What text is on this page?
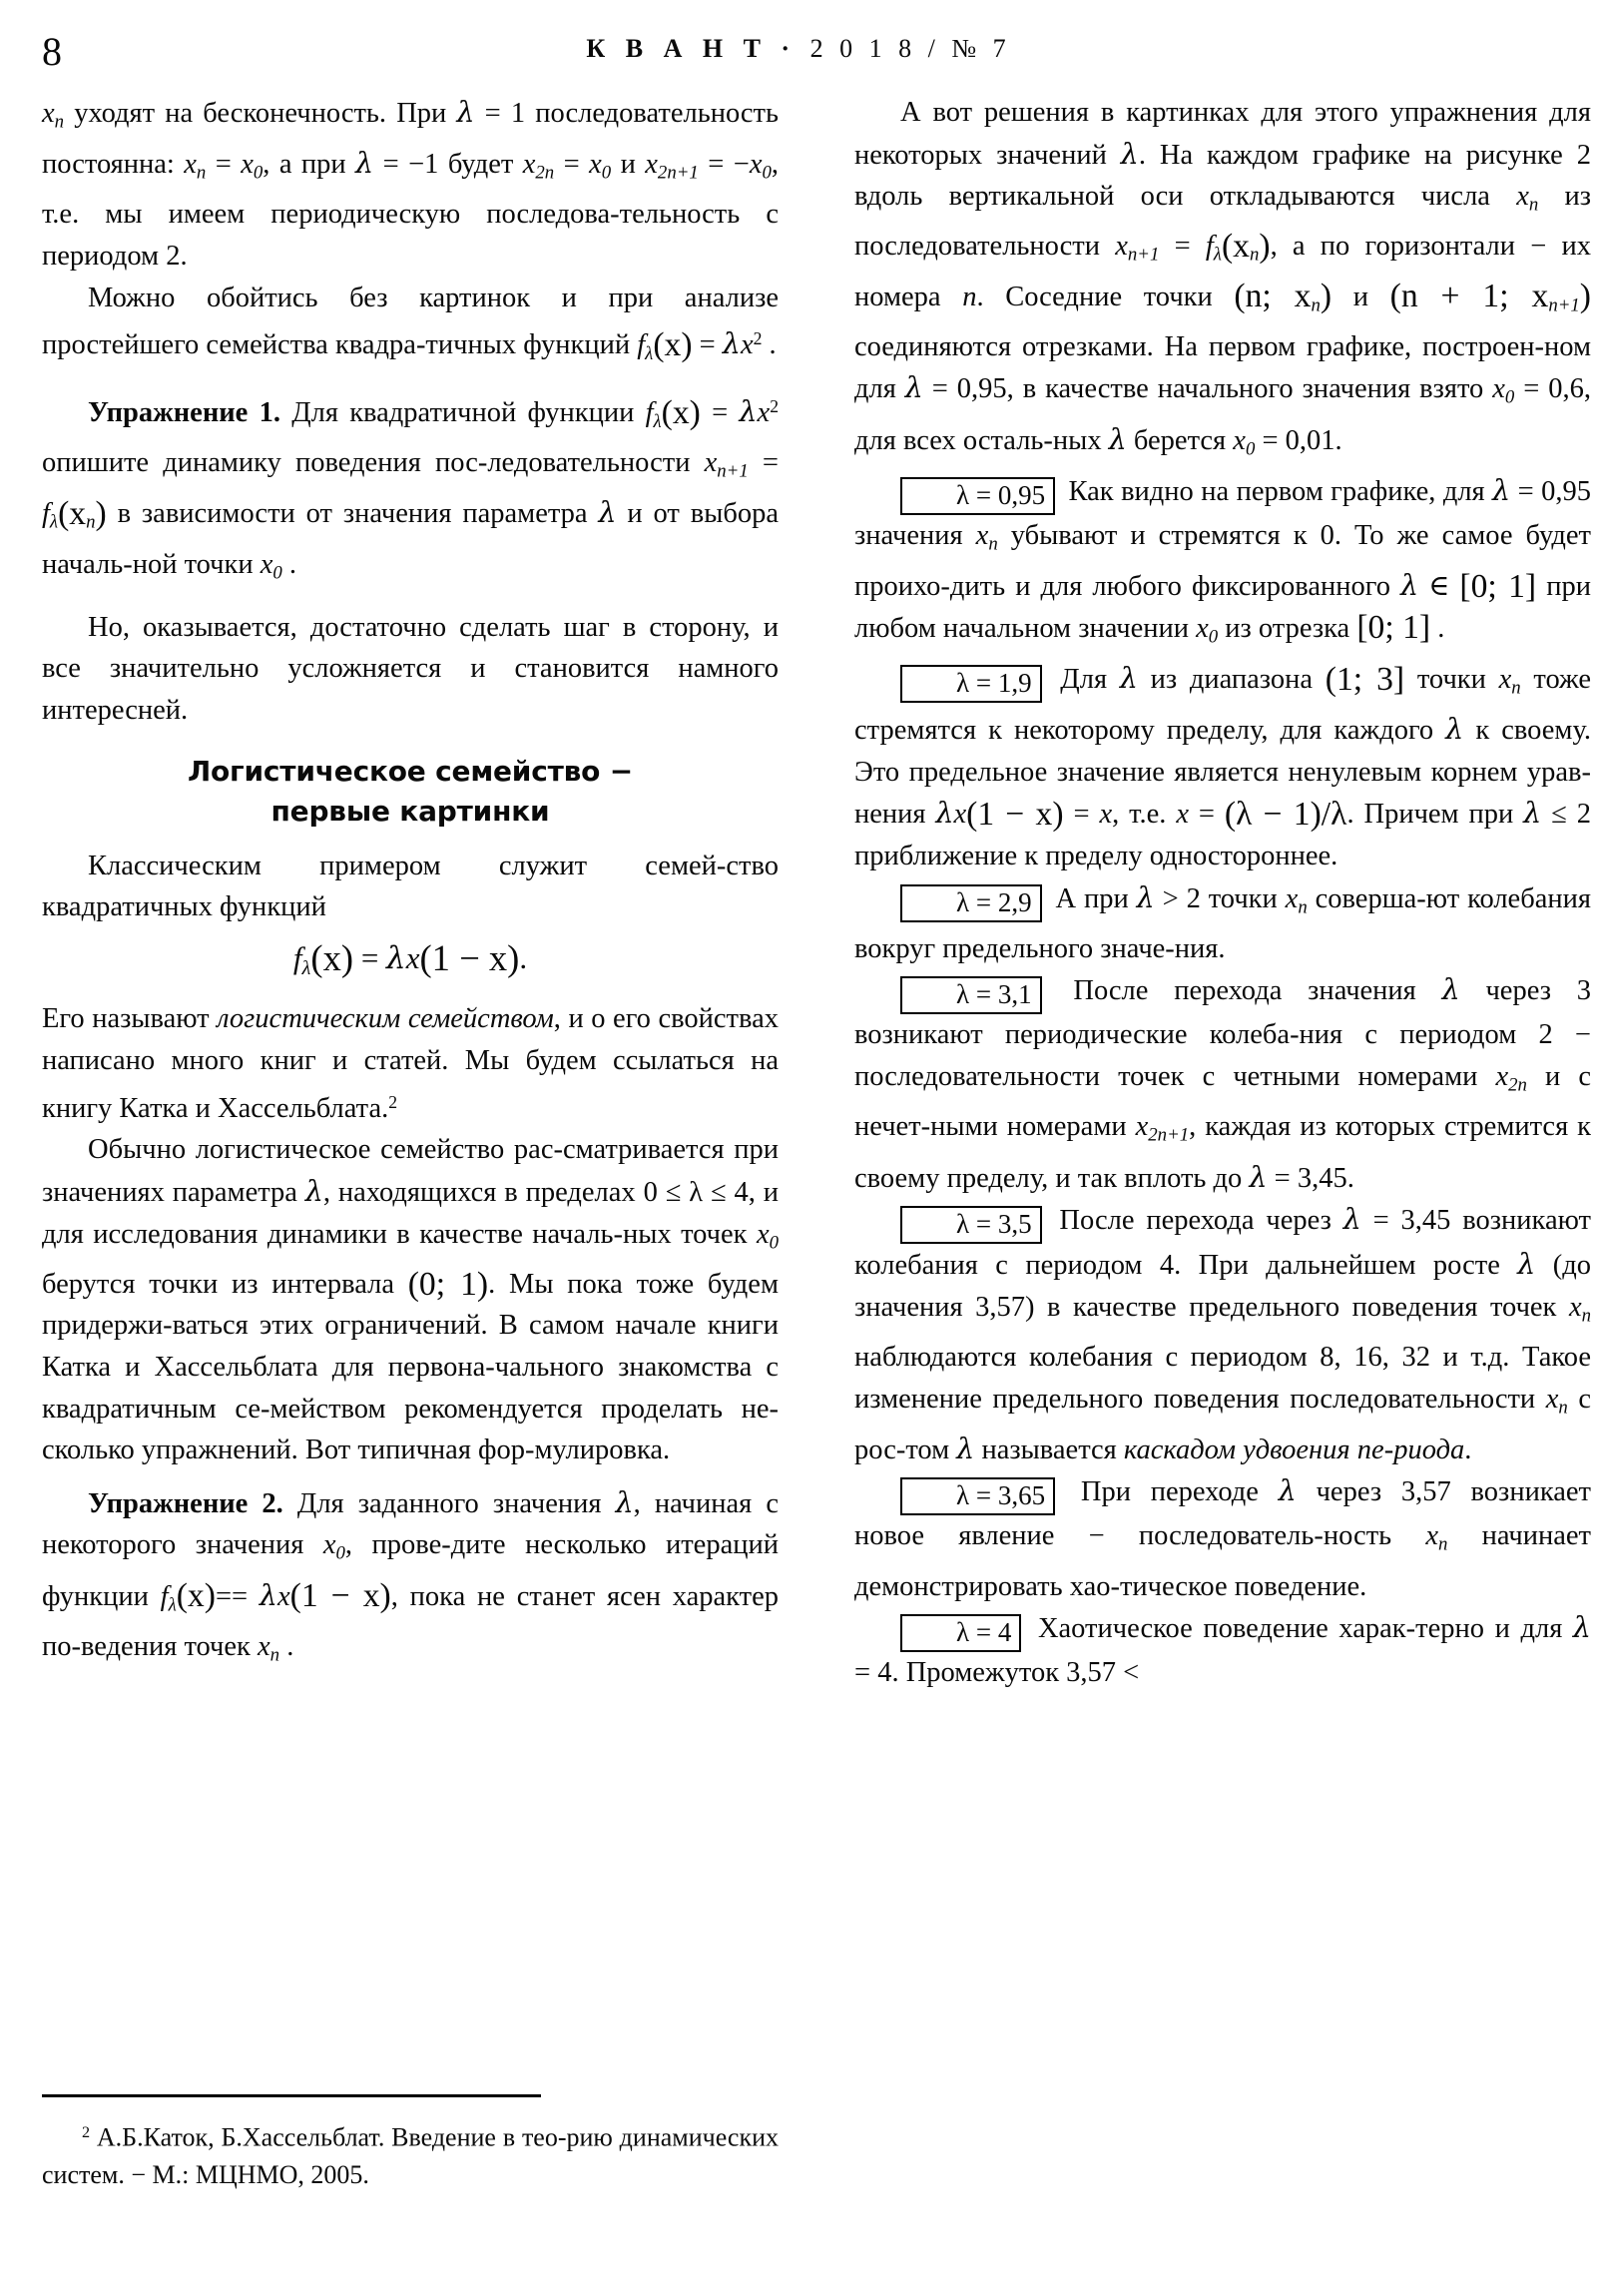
8	К В А Н Т · 2 0 1 8 / № 7

$x_n$ уходят на бесконечность. При λ = 1 последовательность постоянна: $x_n = x_0$, а при λ = −1 будет $x_{2n} = x_0$ и $x_{2n+1} = -x_0$, т.е. мы имеем периодическую последова-тельность с периодом 2.

Можно обойтись без картинок и при анализе простейшего семейства квадра-тичных функций $f_\lambda(x) = \lambda x^2$ .

Упражнение 1. Для квадратичной функции $f_\lambda(x) = \lambda x^2$ опишите динамику поведения пос-ледовательности $x_{n+1} = f_\lambda(x_n)$ в зависимости от значения параметра λ и от выбора началь-ной точки $x_0$ .

Но, оказывается, достаточно сделать шаг в сторону, и все значительно усложняется и становится намного интересней.

Логистическое семейство −
первые картинки

Классическим примером служит семей-ство квадратичных функций

$f_\lambda(x) = \lambda x(1 - x)$.

Его называют логистическим семейством, и о его свойствах написано много книг и статей. Мы будем ссылаться на книгу Катка и Хассельблата.$^2$

Обычно логистическое семейство рас-сматривается при значениях параметра λ, находящихся в пределах 0 ≤ λ ≤ 4, и для исследования динамики в качестве началь-ных точек $x_0$ берутся точки из интервала (0; 1). Мы пока тоже будем придержи-ваться этих ограничений. В самом начале книги Катка и Хассельблата для первона-чального знакомства с квадратичным се-мейством рекомендуется проделать не-сколько упражнений. Вот типичная фор-мулировка.

Упражнение 2. Для заданного значения λ, начиная с некоторого значения $x_0$, прове-дите несколько итераций функции $f_\lambda(x)== \lambda x(1 - x)$, пока не станет ясен характер по-ведения точек $x_n$ .

$^2$ А.Б.Каток, Б.Хассельблат. Введение в тео-рию динамических систем. − М.: МЦНМО, 2005.

А вот решения в картинках для этого упражнения для некоторых значений λ. На каждом графике на рисунке 2 вдоль вертикальной оси откладываются числа $x_n$ из последовательности $x_{n+1} = f_\lambda(x_n)$, а по горизонтали − их номера n. Соседние точки (n; $x_n$) и (n + 1; $x_{n+1}$) соединяются отрезками. На первом графике, построен-ном для λ = 0,95, в качестве начального значения взято $x_0 = 0,6$, для всех осталь-ных λ берется $x_0 = 0,01$.

λ = 0,95 Как видно на первом графике, для λ = 0,95 значения $x_n$ убывают и стремятся к 0. То же самое будет проихо-дить и для любого фиксированного λ ∈ [0; 1] при любом начальном значении $x_0$ из отрезка [0; 1] .

λ = 1,9 Для λ из диапазона (1; 3] точки $x_n$ тоже стремятся к некоторому пределу, для каждого λ к своему. Это предельное значение является ненулевым корнем урав-нения λx(1 − x) = x, т.е. x = (λ − 1)/λ. Причем при λ ≤ 2 приближение к пределу одностороннее.

λ = 2,9 А при λ > 2 точки $x_n$ соверша-ют колебания вокруг предельного значе-ния.

λ = 3,1 После перехода значения λ через 3 возникают периодические колеба-ния с периодом 2 − последовательности точек с четными номерами $x_{2n}$ и с нечет-ными номерами $x_{2n+1}$, каждая из которых стремится к своему пределу, и так вплоть до λ = 3,45.

λ = 3,5 После перехода через λ = 3,45 возникают колебания с периодом 4. При дальнейшем росте λ (до значения 3,57) в качестве предельного поведения точек $x_n$ наблюдаются колебания с периодом 8, 16, 32 и т.д. Такое изменение предельного поведения последовательности $x_n$ с рос-том λ называется каскадом удвоения пе-риода.

λ = 3,65 При переходе λ через 3,57 возникает новое явление − последователь-ность $x_n$ начинает демонстрировать хао-тическое поведение.

λ = 4 Хаотическое поведение харак-терно и для λ = 4. Промежуток 3,57 <
